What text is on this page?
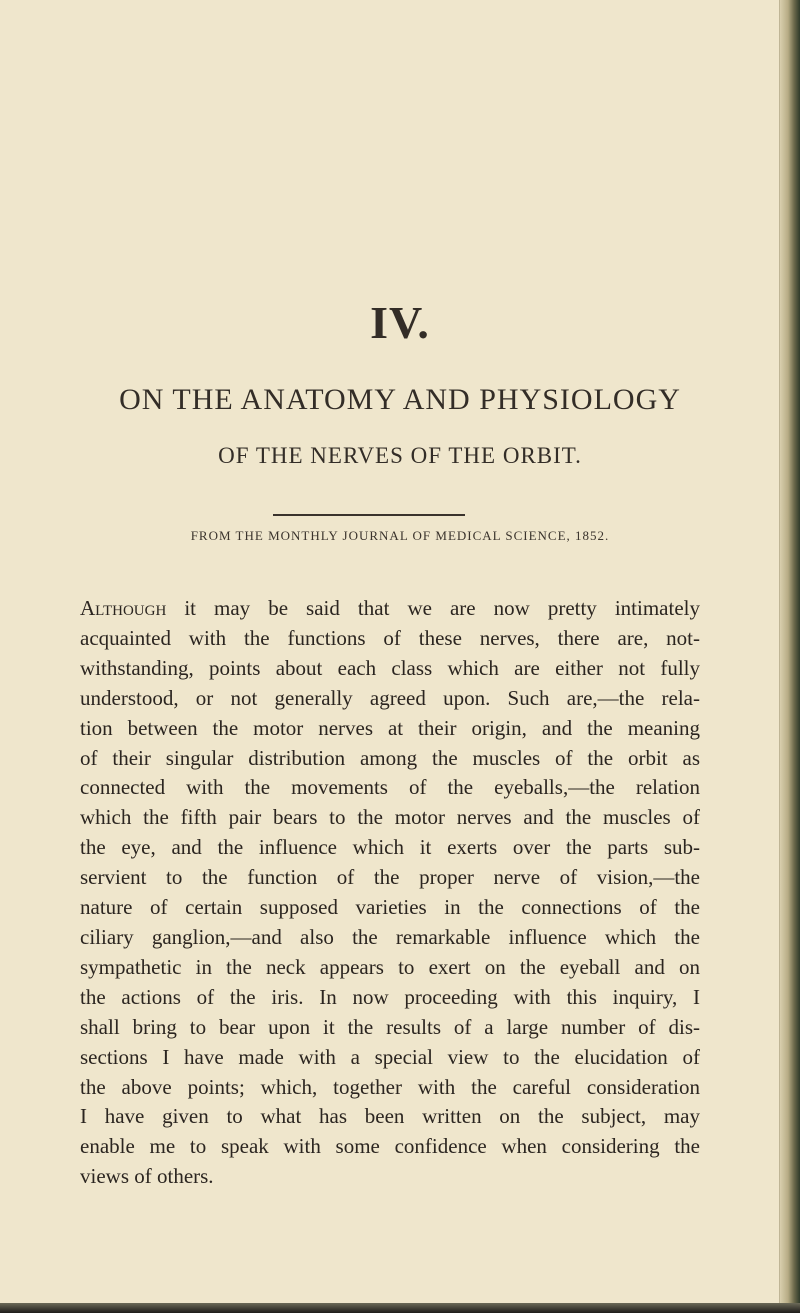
IV.
ON THE ANATOMY AND PHYSIOLOGY
OF THE NERVES OF THE ORBIT.
FROM THE MONTHLY JOURNAL OF MEDICAL SCIENCE, 1852.
Although it may be said that we are now pretty intimately
acquainted with the functions of these nerves, there are, not-
withstanding, points about each class which are either not fully
understood, or not generally agreed upon. Such are,—the rela-
tion between the motor nerves at their origin, and the meaning
of their singular distribution among the muscles of the orbit as
connected with the movements of the eyeballs,—the relation
which the fifth pair bears to the motor nerves and the muscles of
the eye, and the influence which it exerts over the parts sub-
servient to the function of the proper nerve of vision,—the
nature of certain supposed varieties in the connections of the
ciliary ganglion,—and also the remarkable influence which the
sympathetic in the neck appears to exert on the eyeball and on
the actions of the iris. In now proceeding with this inquiry, I
shall bring to bear upon it the results of a large number of dis-
sections I have made with a special view to the elucidation of
the above points; which, together with the careful consideration
I have given to what has been written on the subject, may
enable me to speak with some confidence when considering the
views of others.
